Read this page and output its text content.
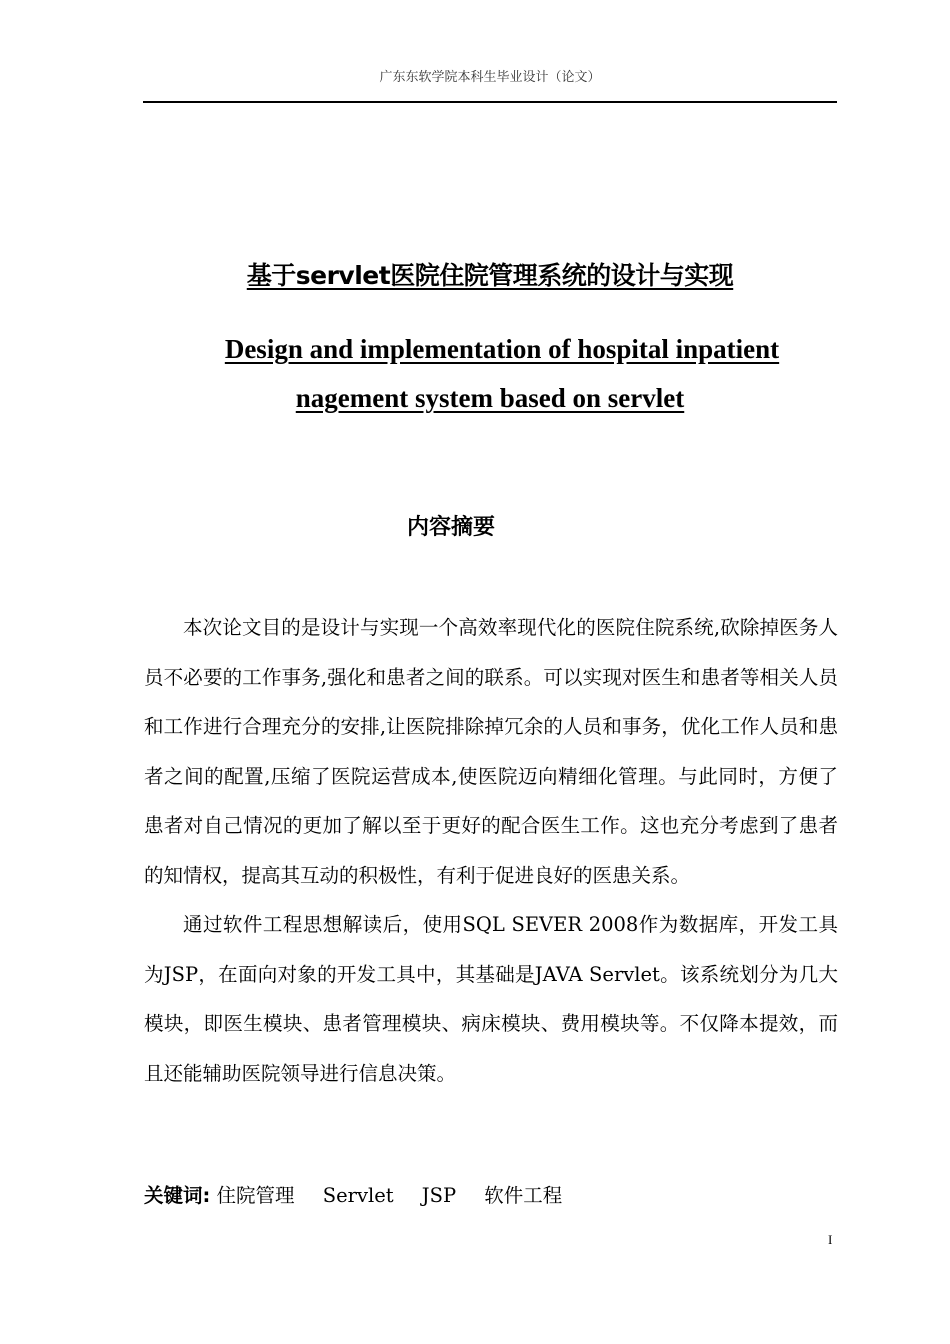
广东东软学院本科生毕业设计（论文）
基于servlet医院住院管理系统的设计与实现
Design and implementation of hospital inpatient
nagement system based on servlet
内容摘要

本次论文目的是设计与实现一个高效率现代化的医院住院系统,砍除掉医务人员不必要的工作事务,强化和患者之间的联系。可以实现对医生和患者等相关人员和工作进行合理充分的安排,让医院排除掉冗余的人员和事务，优化工作人员和患者之间的配置,压缩了医院运营成本,使医院迈向精细化管理。与此同时，方便了患者对自己情况的更加了解以至于更好的配合医生工作。这也充分考虑到了患者的知情权，提高其互动的积极性，有利于促进良好的医患关系。

通过软件工程思想解读后，使用SQL SEVER 2008作为数据库，开发工具为JSP，在面向对象的开发工具中，其基础是JAVA Servlet。该系统划分为几大模块，即医生模块、患者管理模块、病床模块、费用模块等。不仅降本提效，而且还能辅助医院领导进行信息决策。

关键词: 住院管理 Servlet JSP 软件工程
I
